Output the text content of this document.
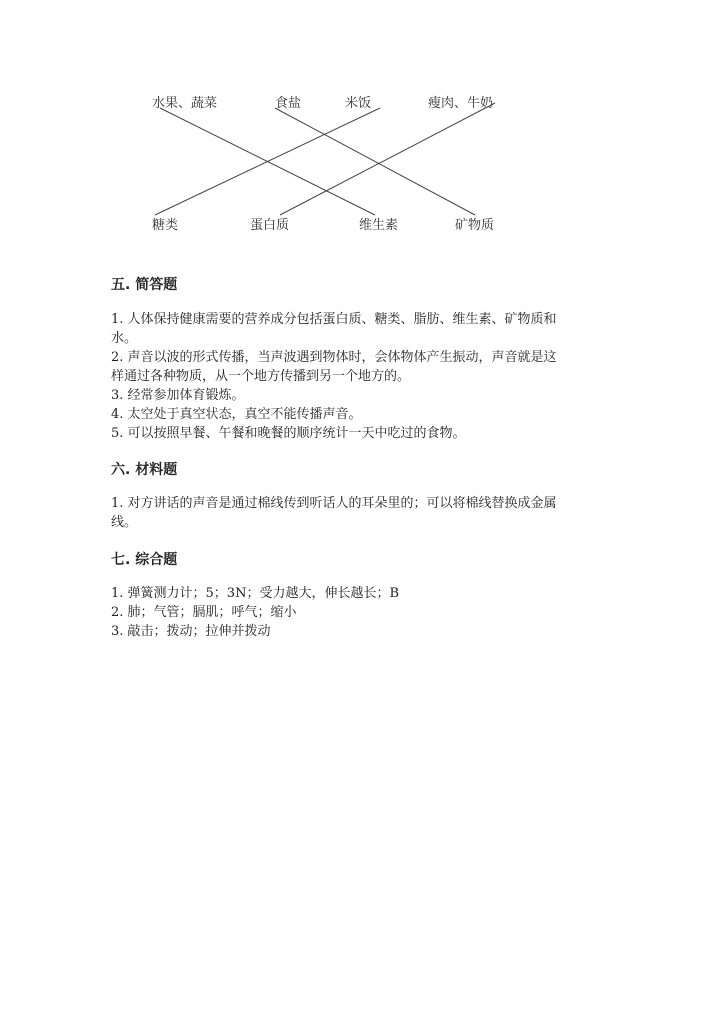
水果、蔬菜	食盐	米饭	瘦肉、牛奶
糖类	蛋白质	维生素	矿物质
五. 简答题
1. 人体保持健康需要的营养成分包括蛋白质、糖类、脂肪、维生素、矿物质和
水。
2. 声音以波的形式传播，当声波遇到物体时，会体物体产生振动，声音就是这
样通过各种物质，从一个地方传播到另一个地方的。
3. 经常参加体育锻炼。
4. 太空处于真空状态，真空不能传播声音。
5. 可以按照早餐、午餐和晚餐的顺序统计一天中吃过的食物。
六. 材料题
1. 对方讲话的声音是通过棉线传到听话人的耳朵里的；可以将棉线替换成金属
线。
七. 综合题
1. 弹簧测力计；5；3N；受力越大，伸长越长；B
2. 肺；气管；膈肌；呼气；缩小
3. 敲击；拨动；拉伸并拨动
